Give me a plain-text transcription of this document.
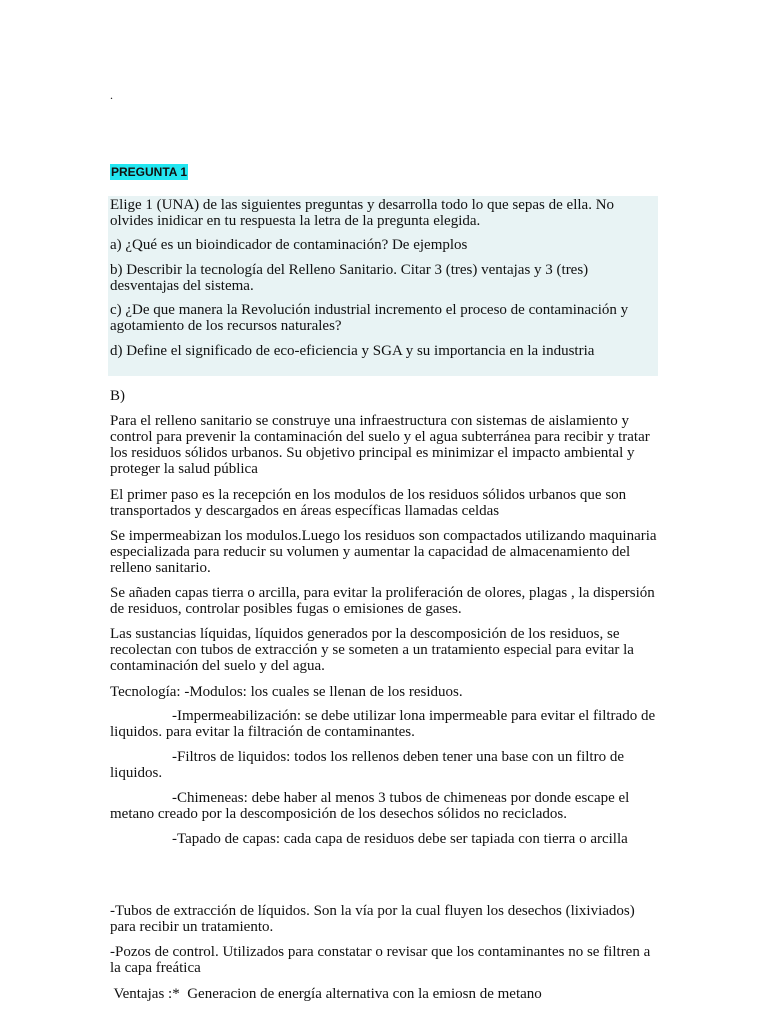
.
PREGUNTA 1

Elige 1 (UNA) de las siguientes preguntas y desarrolla todo lo que sepas de ella. No olvides inidicar en tu respuesta la letra de la pregunta elegida.

a) ¿Qué es un bioindicador de contaminación? De ejemplos

b) Describir la tecnología del Relleno Sanitario. Citar 3 (tres) ventajas y 3 (tres) desventajas del sistema.

c) ¿De que manera la Revolución industrial incremento el proceso de contaminación y agotamiento de los recursos naturales?

d) Define el significado de eco-eficiencia y SGA y su importancia en la industria

B)

Para el relleno sanitario se construye una infraestructura con sistemas de aislamiento y control para prevenir la contaminación del suelo y el agua subterránea para recibir y tratar los residuos sólidos urbanos. Su objetivo principal es minimizar el impacto ambiental y proteger la salud pública

El primer paso es la recepción en los modulos de los residuos sólidos urbanos que son transportados y descargados en áreas específicas llamadas celdas

Se impermeabizan los modulos.Luego los residuos son compactados utilizando maquinaria especializada para reducir su volumen y aumentar la capacidad de almacenamiento del relleno sanitario.

Se añaden capas tierra o arcilla, para evitar la proliferación de olores, plagas , la dispersión de residuos, controlar posibles fugas o emisiones de gases.

Las sustancias líquidas, líquidos generados por la descomposición de los residuos, se recolectan con tubos de extracción y se someten a un tratamiento especial para evitar la contaminación del suelo y del agua.

Tecnología: -Modulos: los cuales se llenan de los residuos.

-Impermeabilización: se debe utilizar lona impermeable para evitar el filtrado de liquidos. para evitar la filtración de contaminantes.

-Filtros de liquidos: todos los rellenos deben tener una base con un filtro de liquidos.

-Chimeneas: debe haber al menos 3 tubos de chimeneas por donde escape el metano creado por la descomposición de los desechos sólidos no reciclados.

-Tapado de capas: cada capa de residuos debe ser tapiada con tierra o arcilla

-Tubos de extracción de líquidos. Son la vía por la cual fluyen los desechos (lixiviados) para recibir un tratamiento.

-Pozos de control. Utilizados para constatar o revisar que los contaminantes no se filtren a la capa freática

Ventajas :*  Generacion de energía alternativa con la emiosn de metano
